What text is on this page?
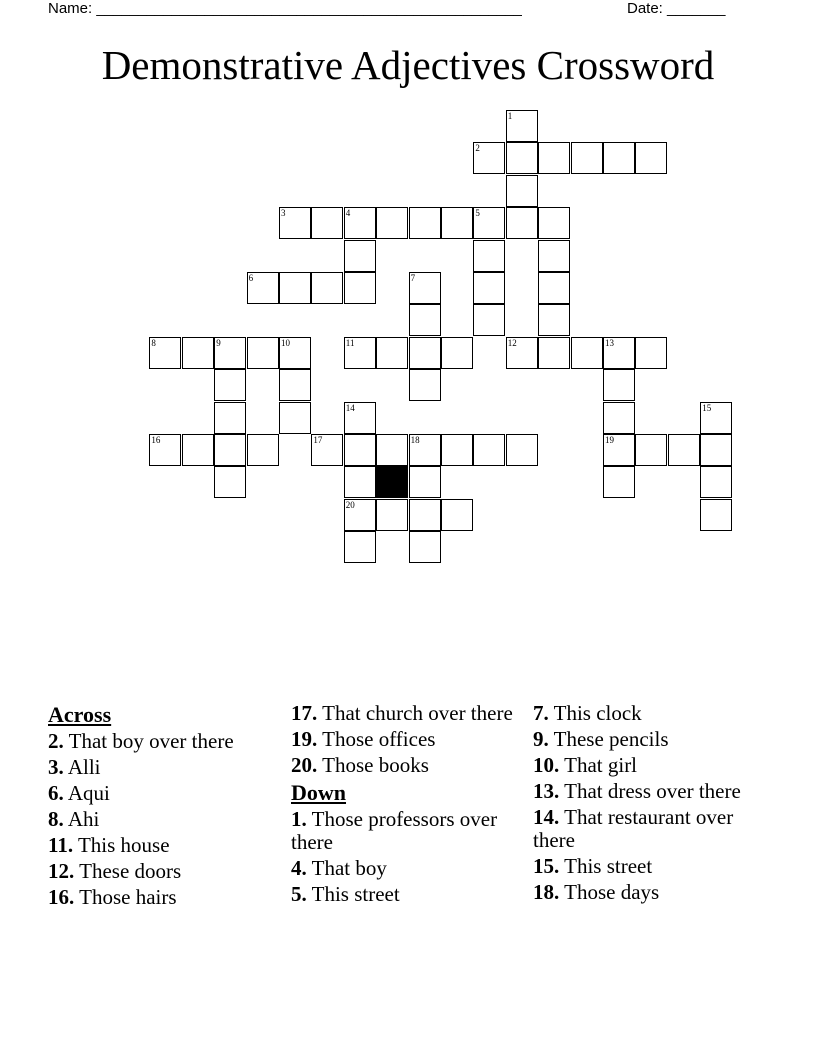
Name: ___________________________________________________	Date: _______
Demonstrative Adjectives Crossword
1
2
3	4	5
6	7
8	9	10	11	12	13
14	15
16	17	18	19
20
Across
2. That boy over there
3. Alli
6. Aqui
8. Ahi
11. This house
12. These doors
16. Those hairs
17. That church over there
19. Those offices
20. Those books
Down
1. Those professors over there
4. That boy
5. This street
7. This clock
9. These pencils
10. That girl
13. That dress over there
14. That restaurant over there
15. This street
18. Those days
